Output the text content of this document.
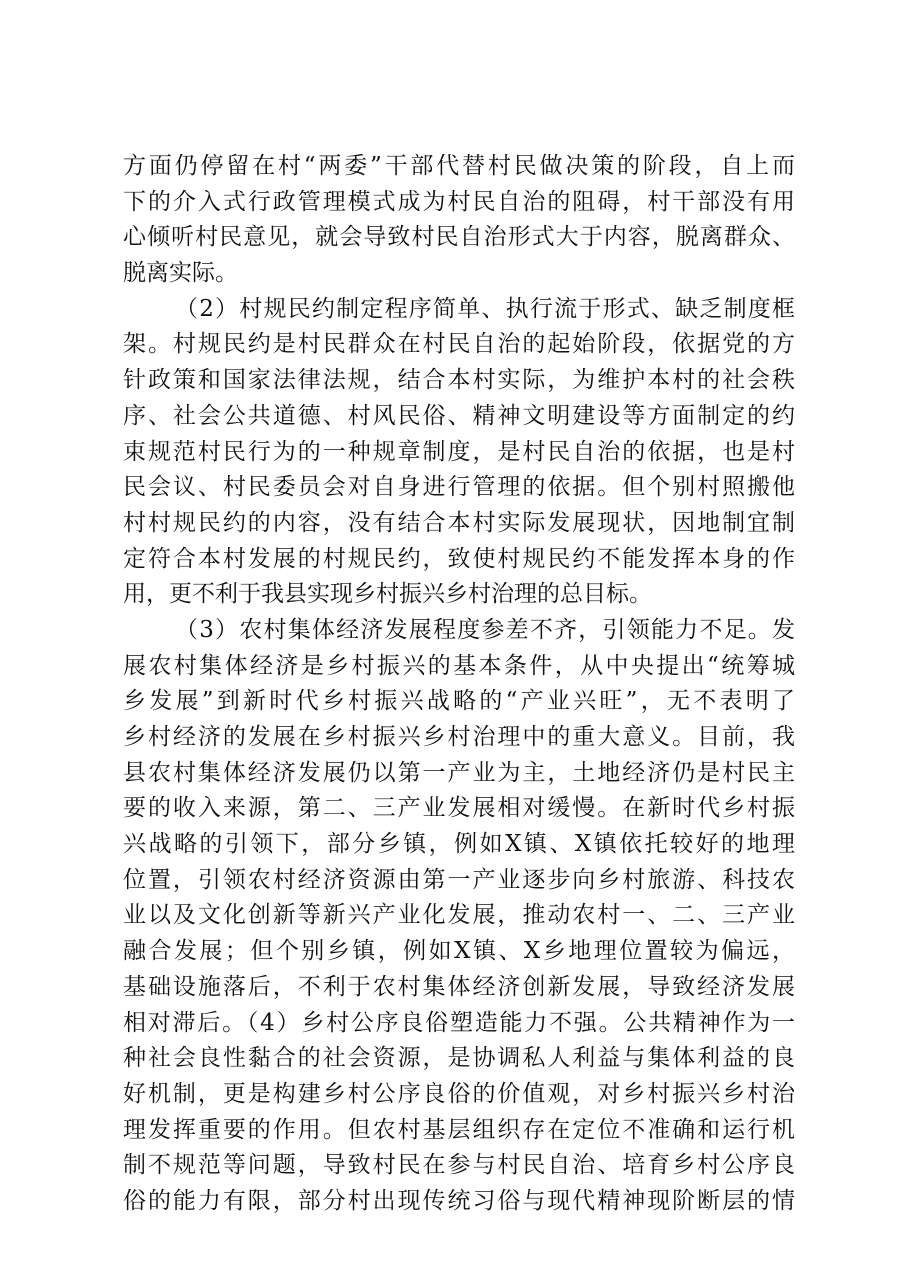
方面仍停留在村“两委”干部代替村民做决策的阶段，自上而
下的介入式行政管理模式成为村民自治的阻碍，村干部没有用
心倾听村民意见，就会导致村民自治形式大于内容，脱离群众、
脱离实际。
（2）村规民约制定程序简单、执行流于形式、缺乏制度框
架。村规民约是村民群众在村民自治的起始阶段，依据党的方
针政策和国家法律法规，结合本村实际，为维护本村的社会秩
序、社会公共道德、村风民俗、精神文明建设等方面制定的约
束规范村民行为的一种规章制度，是村民自治的依据，也是村
民会议、村民委员会对自身进行管理的依据。但个别村照搬他
村村规民约的内容，没有结合本村实际发展现状，因地制宜制
定符合本村发展的村规民约，致使村规民约不能发挥本身的作
用，更不利于我县实现乡村振兴乡村治理的总目标。
（3）农村集体经济发展程度参差不齐，引领能力不足。发
展农村集体经济是乡村振兴的基本条件，从中央提出“统筹城
乡发展”到新时代乡村振兴战略的“产业兴旺”，无不表明了
乡村经济的发展在乡村振兴乡村治理中的重大意义。目前，我
县农村集体经济发展仍以第一产业为主，土地经济仍是村民主
要的收入来源，第二、三产业发展相对缓慢。在新时代乡村振
兴战略的引领下，部分乡镇，例如X镇、X镇依托较好的地理
位置，引领农村经济资源由第一产业逐步向乡村旅游、科技农
业以及文化创新等新兴产业化发展，推动农村一、二、三产业
融合发展；但个别乡镇，例如X镇、X乡地理位置较为偏远，
基础设施落后，不利于农村集体经济创新发展，导致经济发展
相对滞后。（4）乡村公序良俗塑造能力不强。公共精神作为一
种社会良性黏合的社会资源，是协调私人利益与集体利益的良
好机制，更是构建乡村公序良俗的价值观，对乡村振兴乡村治
理发挥重要的作用。但农村基层组织存在定位不准确和运行机
制不规范等问题，导致村民在参与村民自治、培育乡村公序良
俗的能力有限，部分村出现传统习俗与现代精神现阶断层的情
